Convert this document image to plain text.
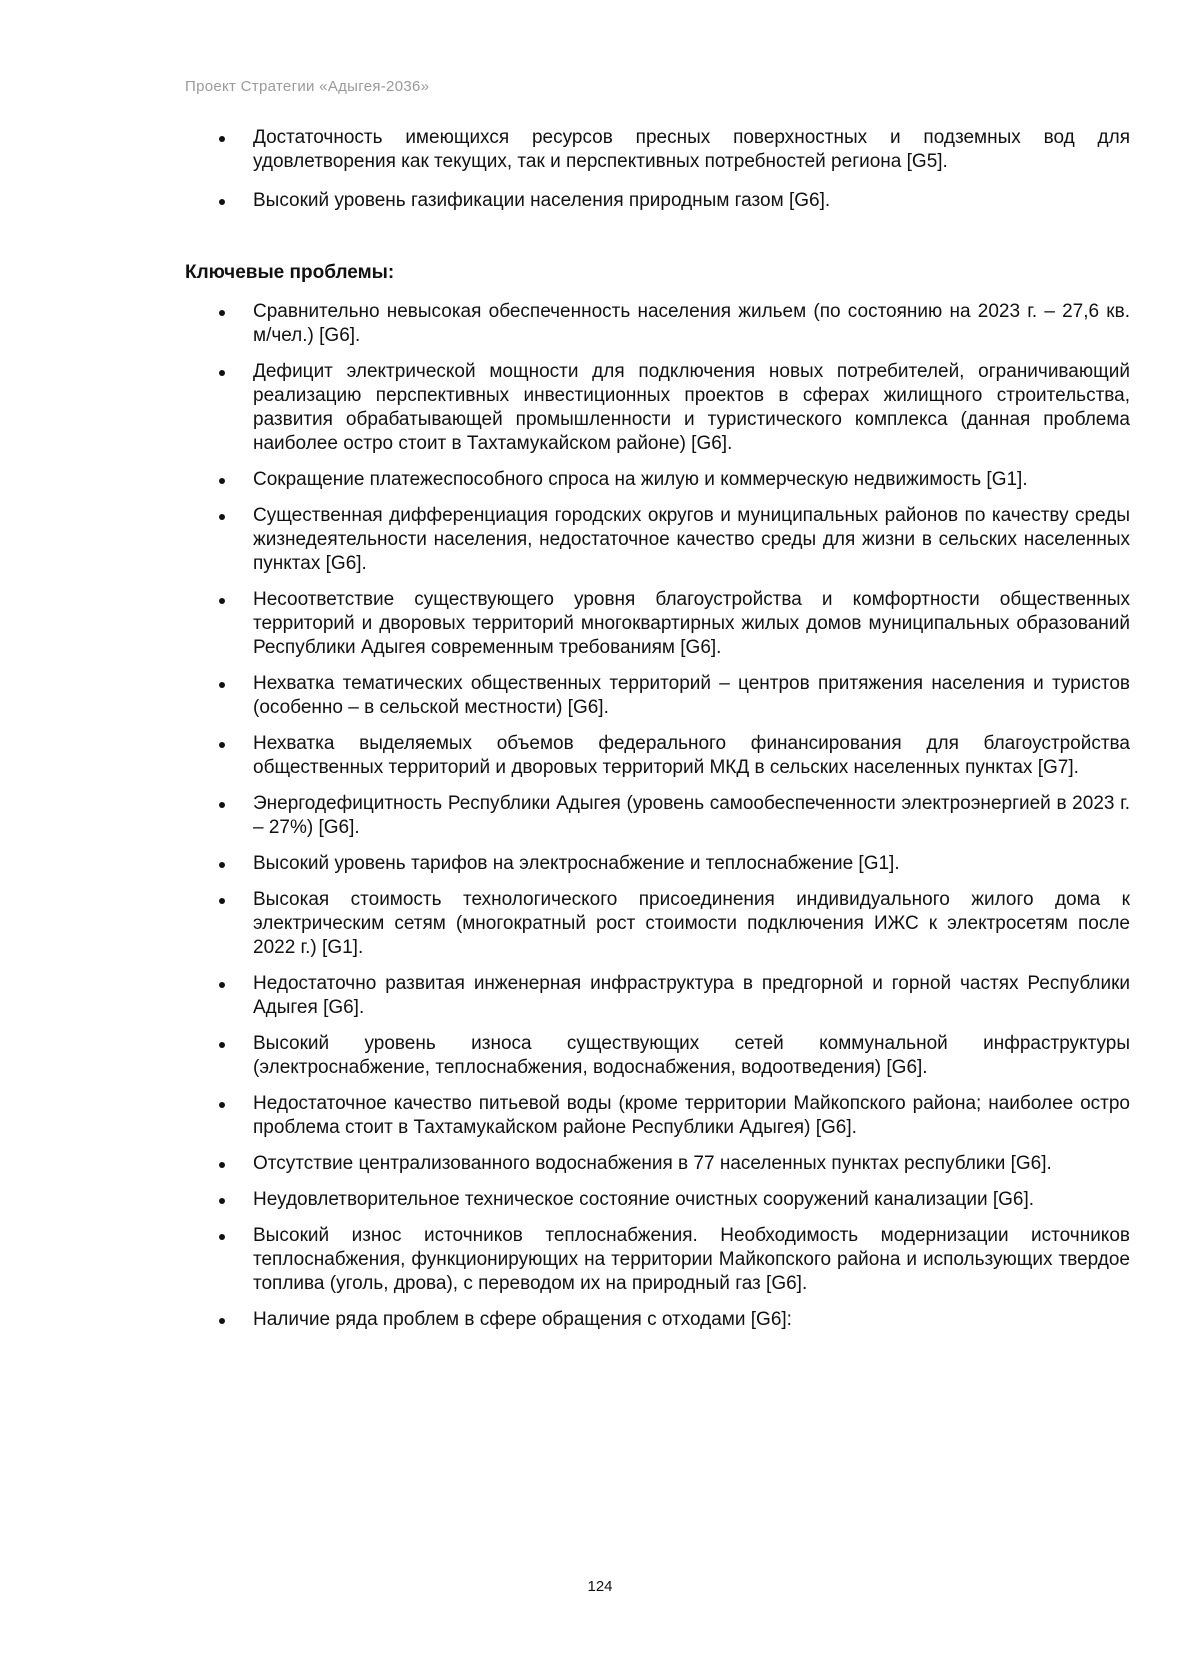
Проект Стратегии «Адыгея-2036»
Достаточность имеющихся ресурсов пресных поверхностных и подземных вод для удовлетворения как текущих, так и перспективных потребностей региона [G5].
Высокий уровень газификации населения природным газом [G6].
Ключевые проблемы:
Сравнительно невысокая обеспеченность населения жильем (по состоянию на 2023 г. – 27,6 кв. м/чел.) [G6].
Дефицит электрической мощности для подключения новых потребителей, ограничивающий реализацию перспективных инвестиционных проектов в сферах жилищного строительства, развития обрабатывающей промышленности и туристического комплекса (данная проблема наиболее остро стоит в Тахтамукайском районе) [G6].
Сокращение платежеспособного спроса на жилую и коммерческую недвижимость [G1].
Существенная дифференциация городских округов и муниципальных районов по качеству среды жизнедеятельности населения, недостаточное качество среды для жизни в сельских населенных пунктах [G6].
Несоответствие существующего уровня благоустройства и комфортности общественных территорий и дворовых территорий многоквартирных жилых домов муниципальных образований Республики Адыгея современным требованиям [G6].
Нехватка тематических общественных территорий – центров притяжения населения и туристов (особенно – в сельской местности) [G6].
Нехватка выделяемых объемов федерального финансирования для благоустройства общественных территорий и дворовых территорий МКД в сельских населенных пунктах [G7].
Энергодефицитность Республики Адыгея (уровень самообеспеченности электроэнергией в 2023 г. – 27%) [G6].
Высокий уровень тарифов на электроснабжение и теплоснабжение [G1].
Высокая стоимость технологического присоединения индивидуального жилого дома к электрическим сетям (многократный рост стоимости подключения ИЖС к электросетям после 2022 г.) [G1].
Недостаточно развитая инженерная инфраструктура в предгорной и горной частях Республики Адыгея [G6].
Высокий уровень износа существующих сетей коммунальной инфраструктуры (электроснабжение, теплоснабжения, водоснабжения, водоотведения) [G6].
Недостаточное качество питьевой воды (кроме территории Майкопского района; наиболее остро проблема стоит в Тахтамукайском районе Республики Адыгея) [G6].
Отсутствие централизованного водоснабжения в 77 населенных пунктах республики [G6].
Неудовлетворительное техническое состояние очистных сооружений канализации [G6].
Высокий износ источников теплоснабжения. Необходимость модернизации источников теплоснабжения, функционирующих на территории Майкопского района и использующих твердое топлива (уголь, дрова), с переводом их на природный газ [G6].
Наличие ряда проблем в сфере обращения с отходами [G6]:
124
